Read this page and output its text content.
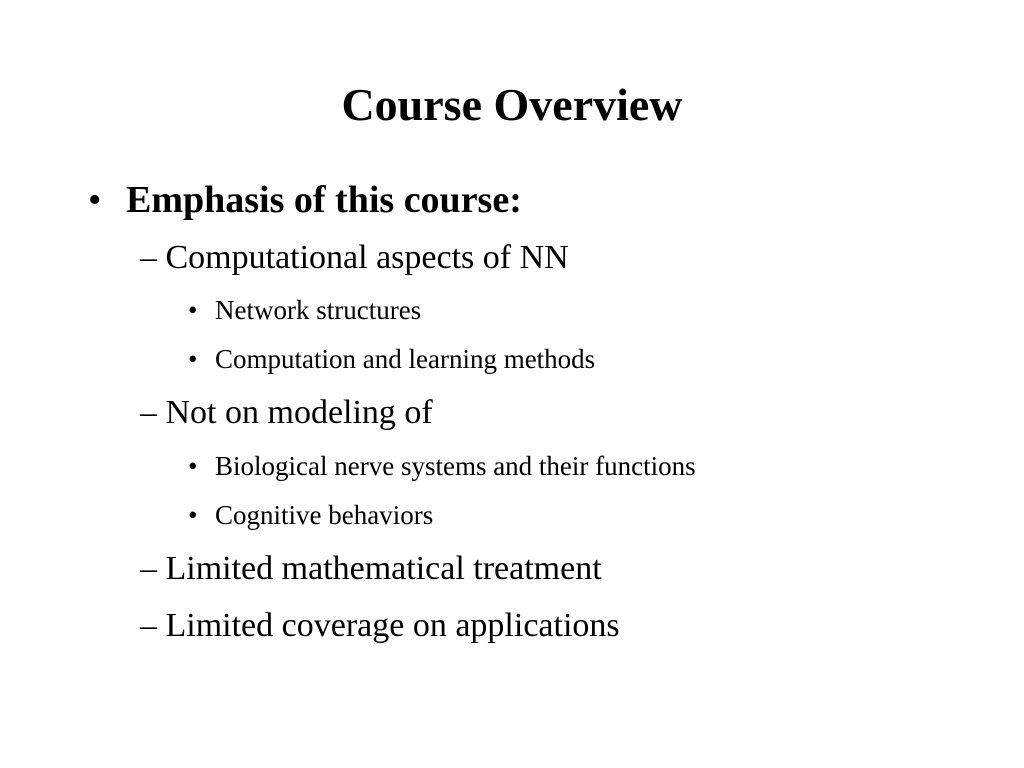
Course Overview
• Emphasis of this course:
– Computational aspects of NN
• Network structures
• Computation and learning methods
– Not on modeling of
• Biological nerve systems and their functions
• Cognitive behaviors
– Limited mathematical treatment
– Limited coverage on applications
